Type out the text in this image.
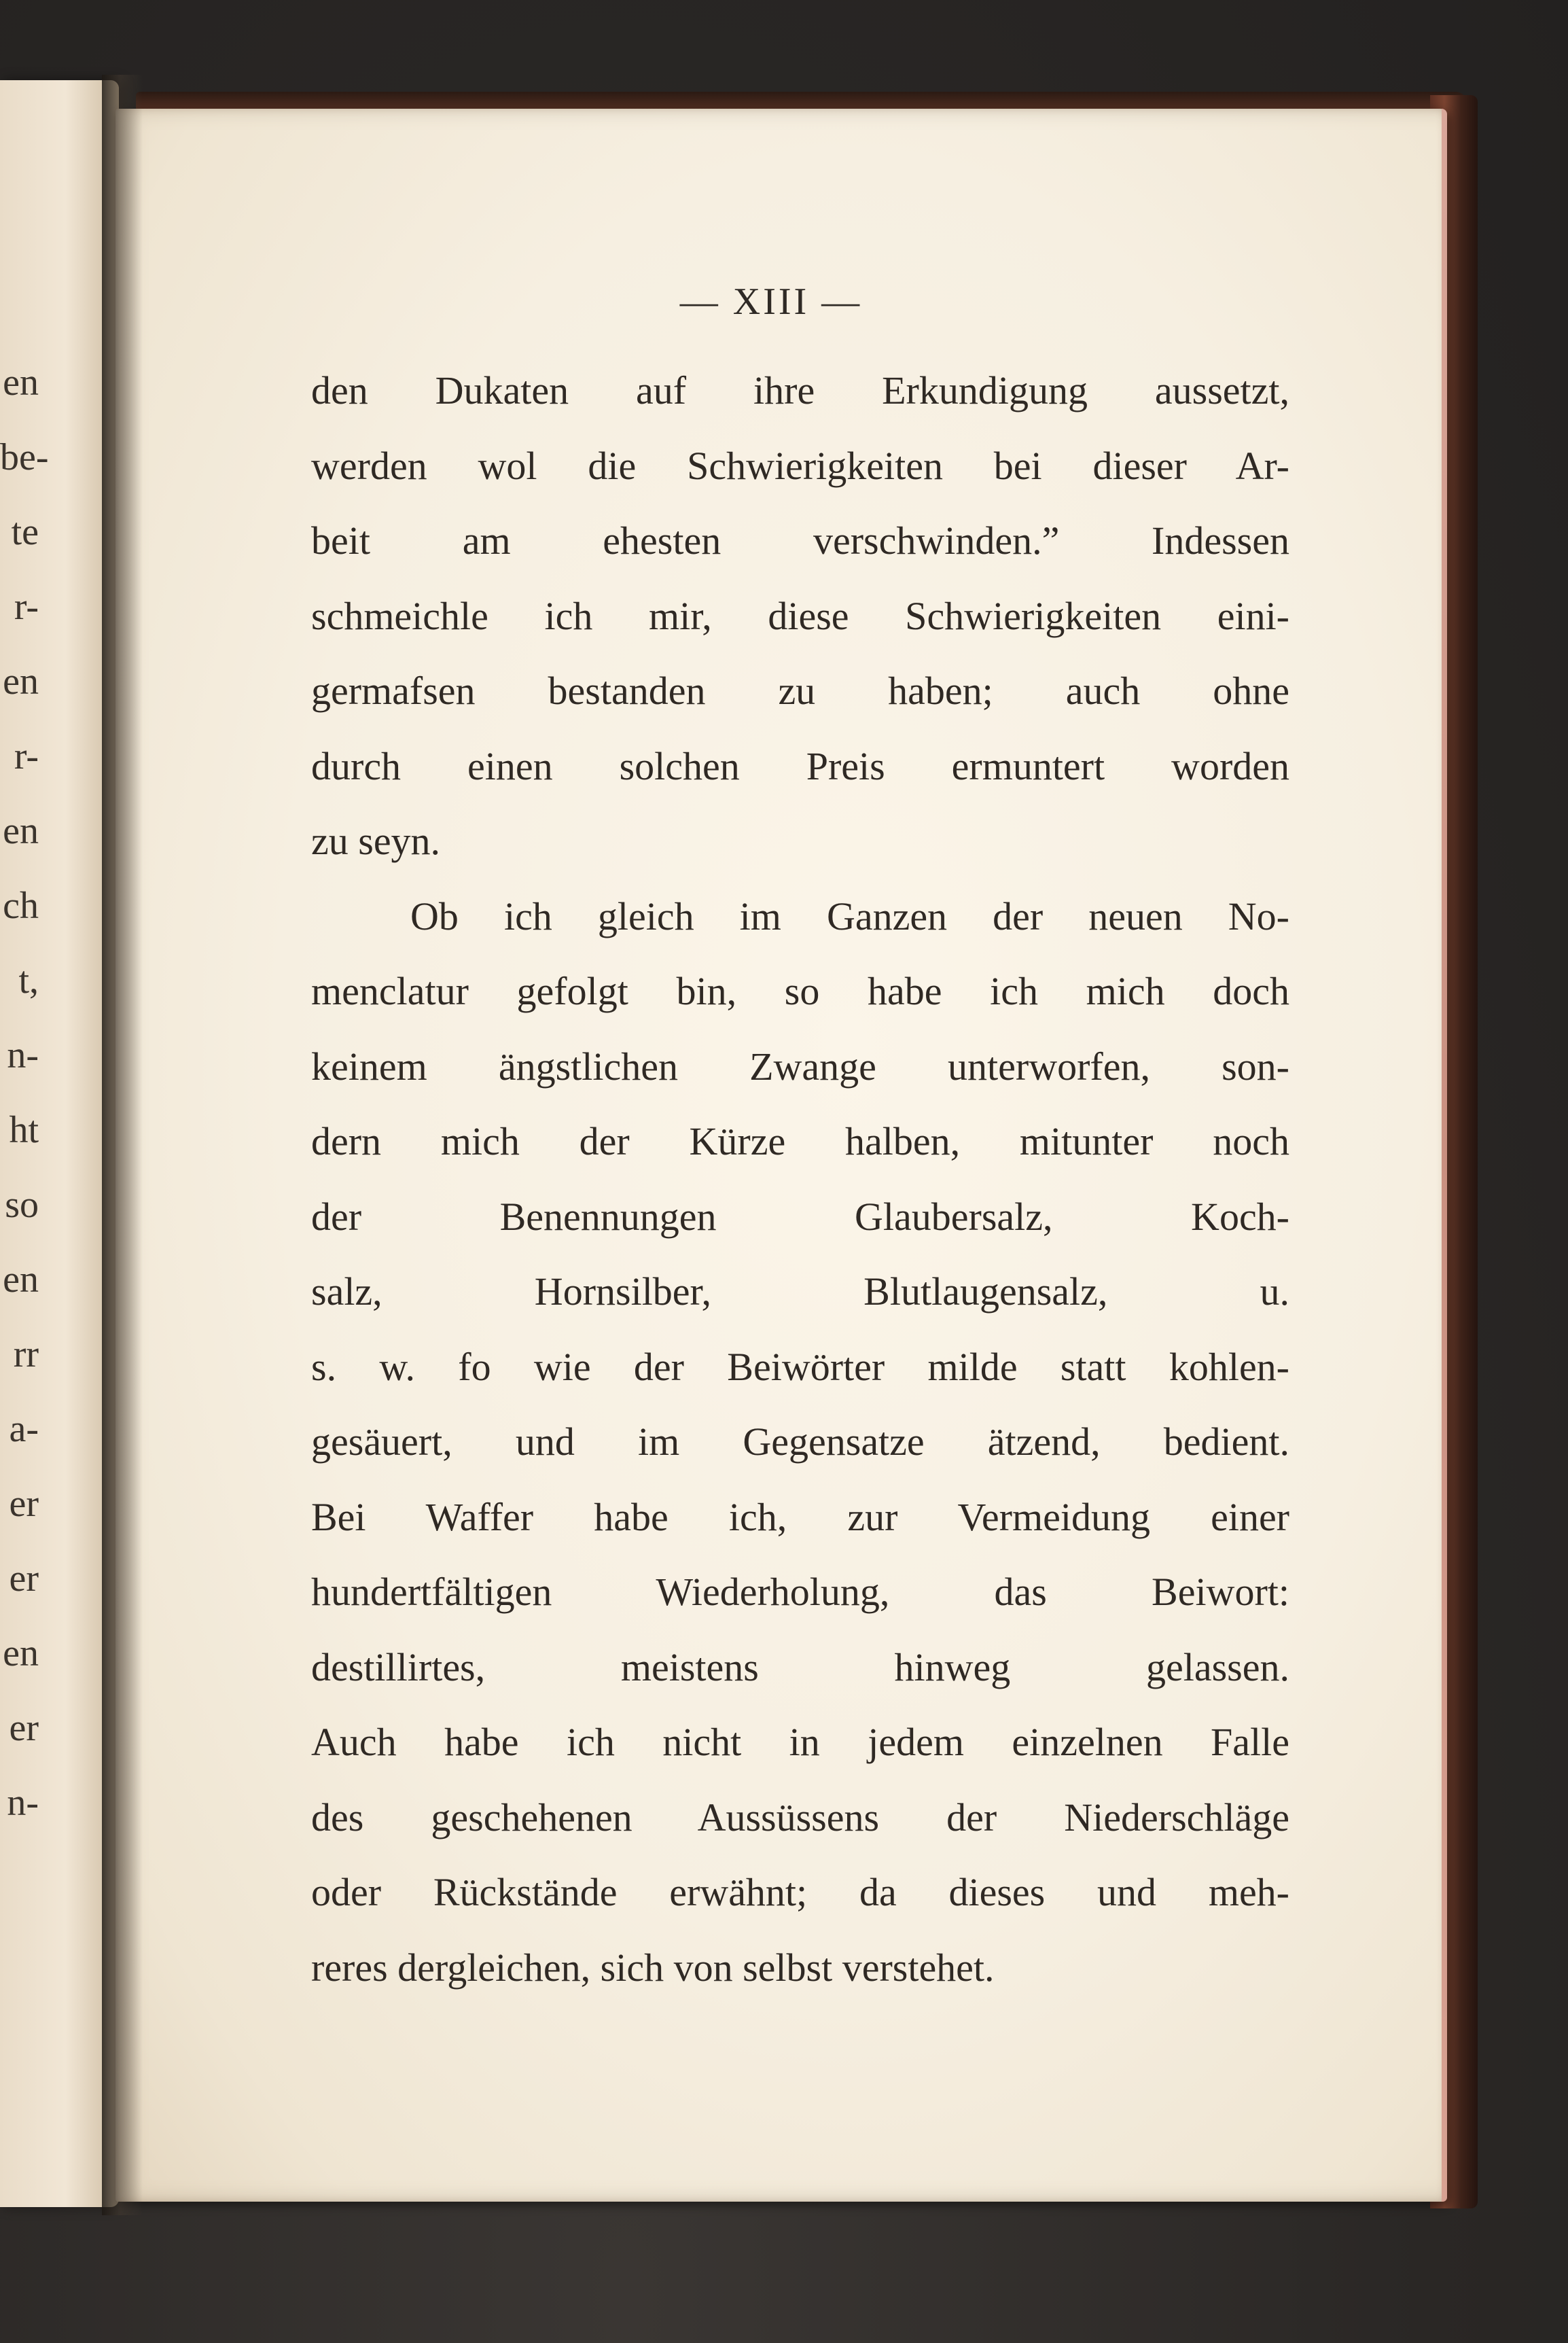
en
be-
te
r-
en
r-
en
ch
t,
n-
ht
so
en
rr
a-
er
er
en
er
n-
— XIII —
den Dukaten auf ihre Erkundigung aussetzt,
werden wol die Schwierigkeiten bei dieser Ar-
beit am ehesten verschwinden.” Indessen
schmeichle ich mir, diese Schwierigkeiten eini-
germafsen bestanden zu haben; auch ohne
durch einen solchen Preis ermuntert worden
zu seyn.
Ob ich gleich im Ganzen der neuen No-
menclatur gefolgt bin, so habe ich mich doch
keinem ängstlichen Zwange unterworfen, son-
dern mich der Kürze halben, mitunter noch
der Benennungen Glaubersalz, Koch-
salz, Hornsilber, Blutlaugensalz, u.
s. w. fo wie der Beiwörter milde statt kohlen-
gesäuert, und im Gegensatze ätzend, bedient.
Bei Waffer habe ich, zur Vermeidung einer
hundertfältigen Wiederholung, das Beiwort:
destillirtes, meistens hinweg gelassen.
Auch habe ich nicht in jedem einzelnen Falle
des geschehenen Aussüssens der Niederschläge
oder Rückstände erwähnt; da dieses und meh-
reres dergleichen, sich von selbst verstehet.
